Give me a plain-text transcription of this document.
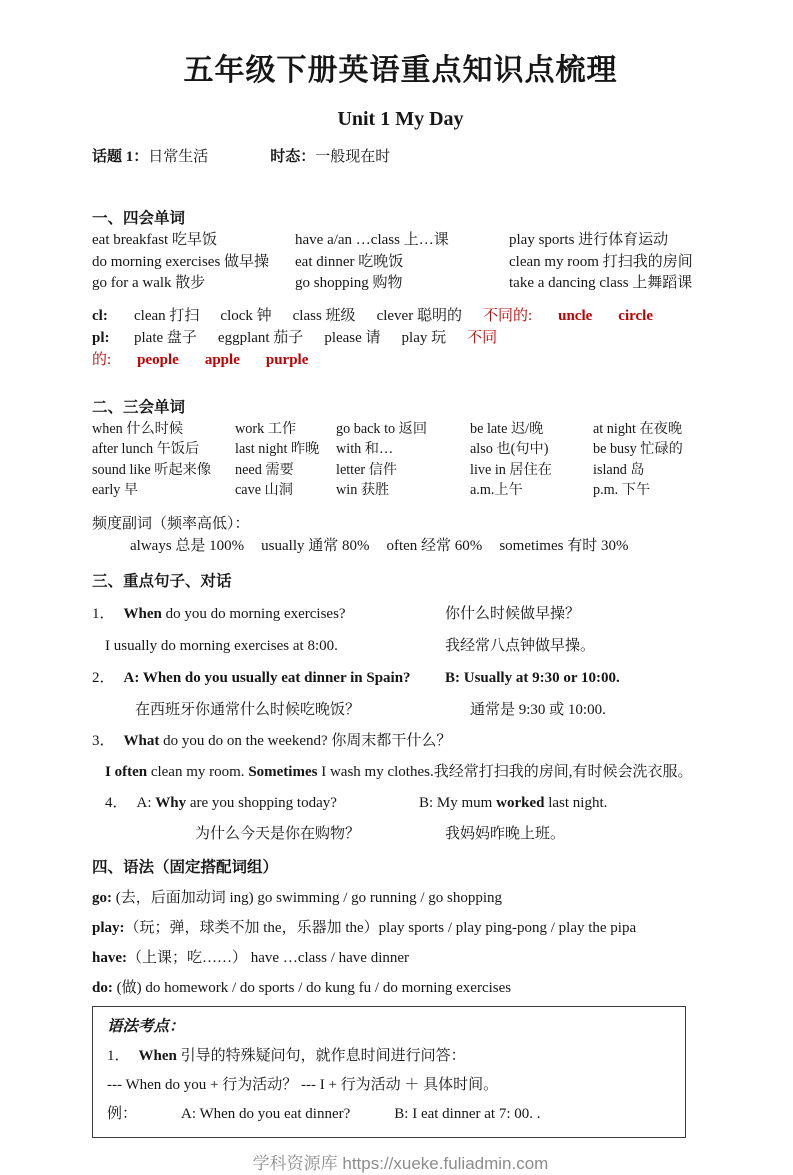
五年级下册英语重点知识点梳理
Unit 1 My Day
话题 1：日常生活	时态：一般现在时
一、四会单词
eat breakfast 吃早饭	have a/an …class 上…课	play sports 进行体育运动
do morning exercises 做早操	eat dinner 吃晚饭	clean my room 打扫我的房间
go for a walk 散步	go shopping 购物	take a dancing class 上舞蹈课
cl: clean 打扫 clock 钟 class 班级 clever 聪明的 不同的: uncle circle
pl: plate 盘子 eggplant 茄子 please 请 play 玩 不同的: people apple purple
二、三会单词
when 什么时候	work 工作	go back to 返回	be late 迟/晚	at night 在夜晚
after lunch 午饭后	last night 昨晚	with 和…	also 也(句中)	be busy 忙碌的
sound like 听起来像	need 需要	letter 信件	live in 居住在	island 岛
early 早	cave 山洞	win 获胜	a.m.上午	p.m. 下午
频度副词（频率高低）：
always 总是 100% usually 通常 80% often 经常 60% sometimes 有时 30%
三、重点句子、对话
1． When do you do morning exercises?	你什么时候做早操？
I usually do morning exercises at 8:00.	我经常八点钟做早操。
2． A: When do you usually eat dinner in Spain?	B: Usually at 9:30 or 10:00.
在西班牙你通常什么时候吃晚饭？	通常是 9:30 或 10:00.
3． What do you do on the weekend? 你周末都干什么？
I often clean my room. Sometimes I wash my clothes.我经常打扫我的房间,有时候会洗衣服。
4． A: Why are you shopping today?	B: My mum worked last night.
为什么今天是你在购物？	我妈妈昨晚上班。
四、语法（固定搭配词组）
go: (去，后面加动词 ing) go swimming / go running / go shopping
play:（玩；弹，球类不加 the，乐器加 the）play sports / play ping-pong / play the pipa
have:（上课；吃……） have …class / have dinner
do: (做) do homework / do sports / do kung fu / do morning exercises
语法考点：
1． When 引导的特殊疑问句，就作息时间进行问答：
--- When do you + 行为活动？ --- I + 行为活动 ＋ 具体时间。
例：	A: When do you eat dinner?	B: I eat dinner at 7: 00. .
学科资源库 https://xueke.fuliadmin.com
